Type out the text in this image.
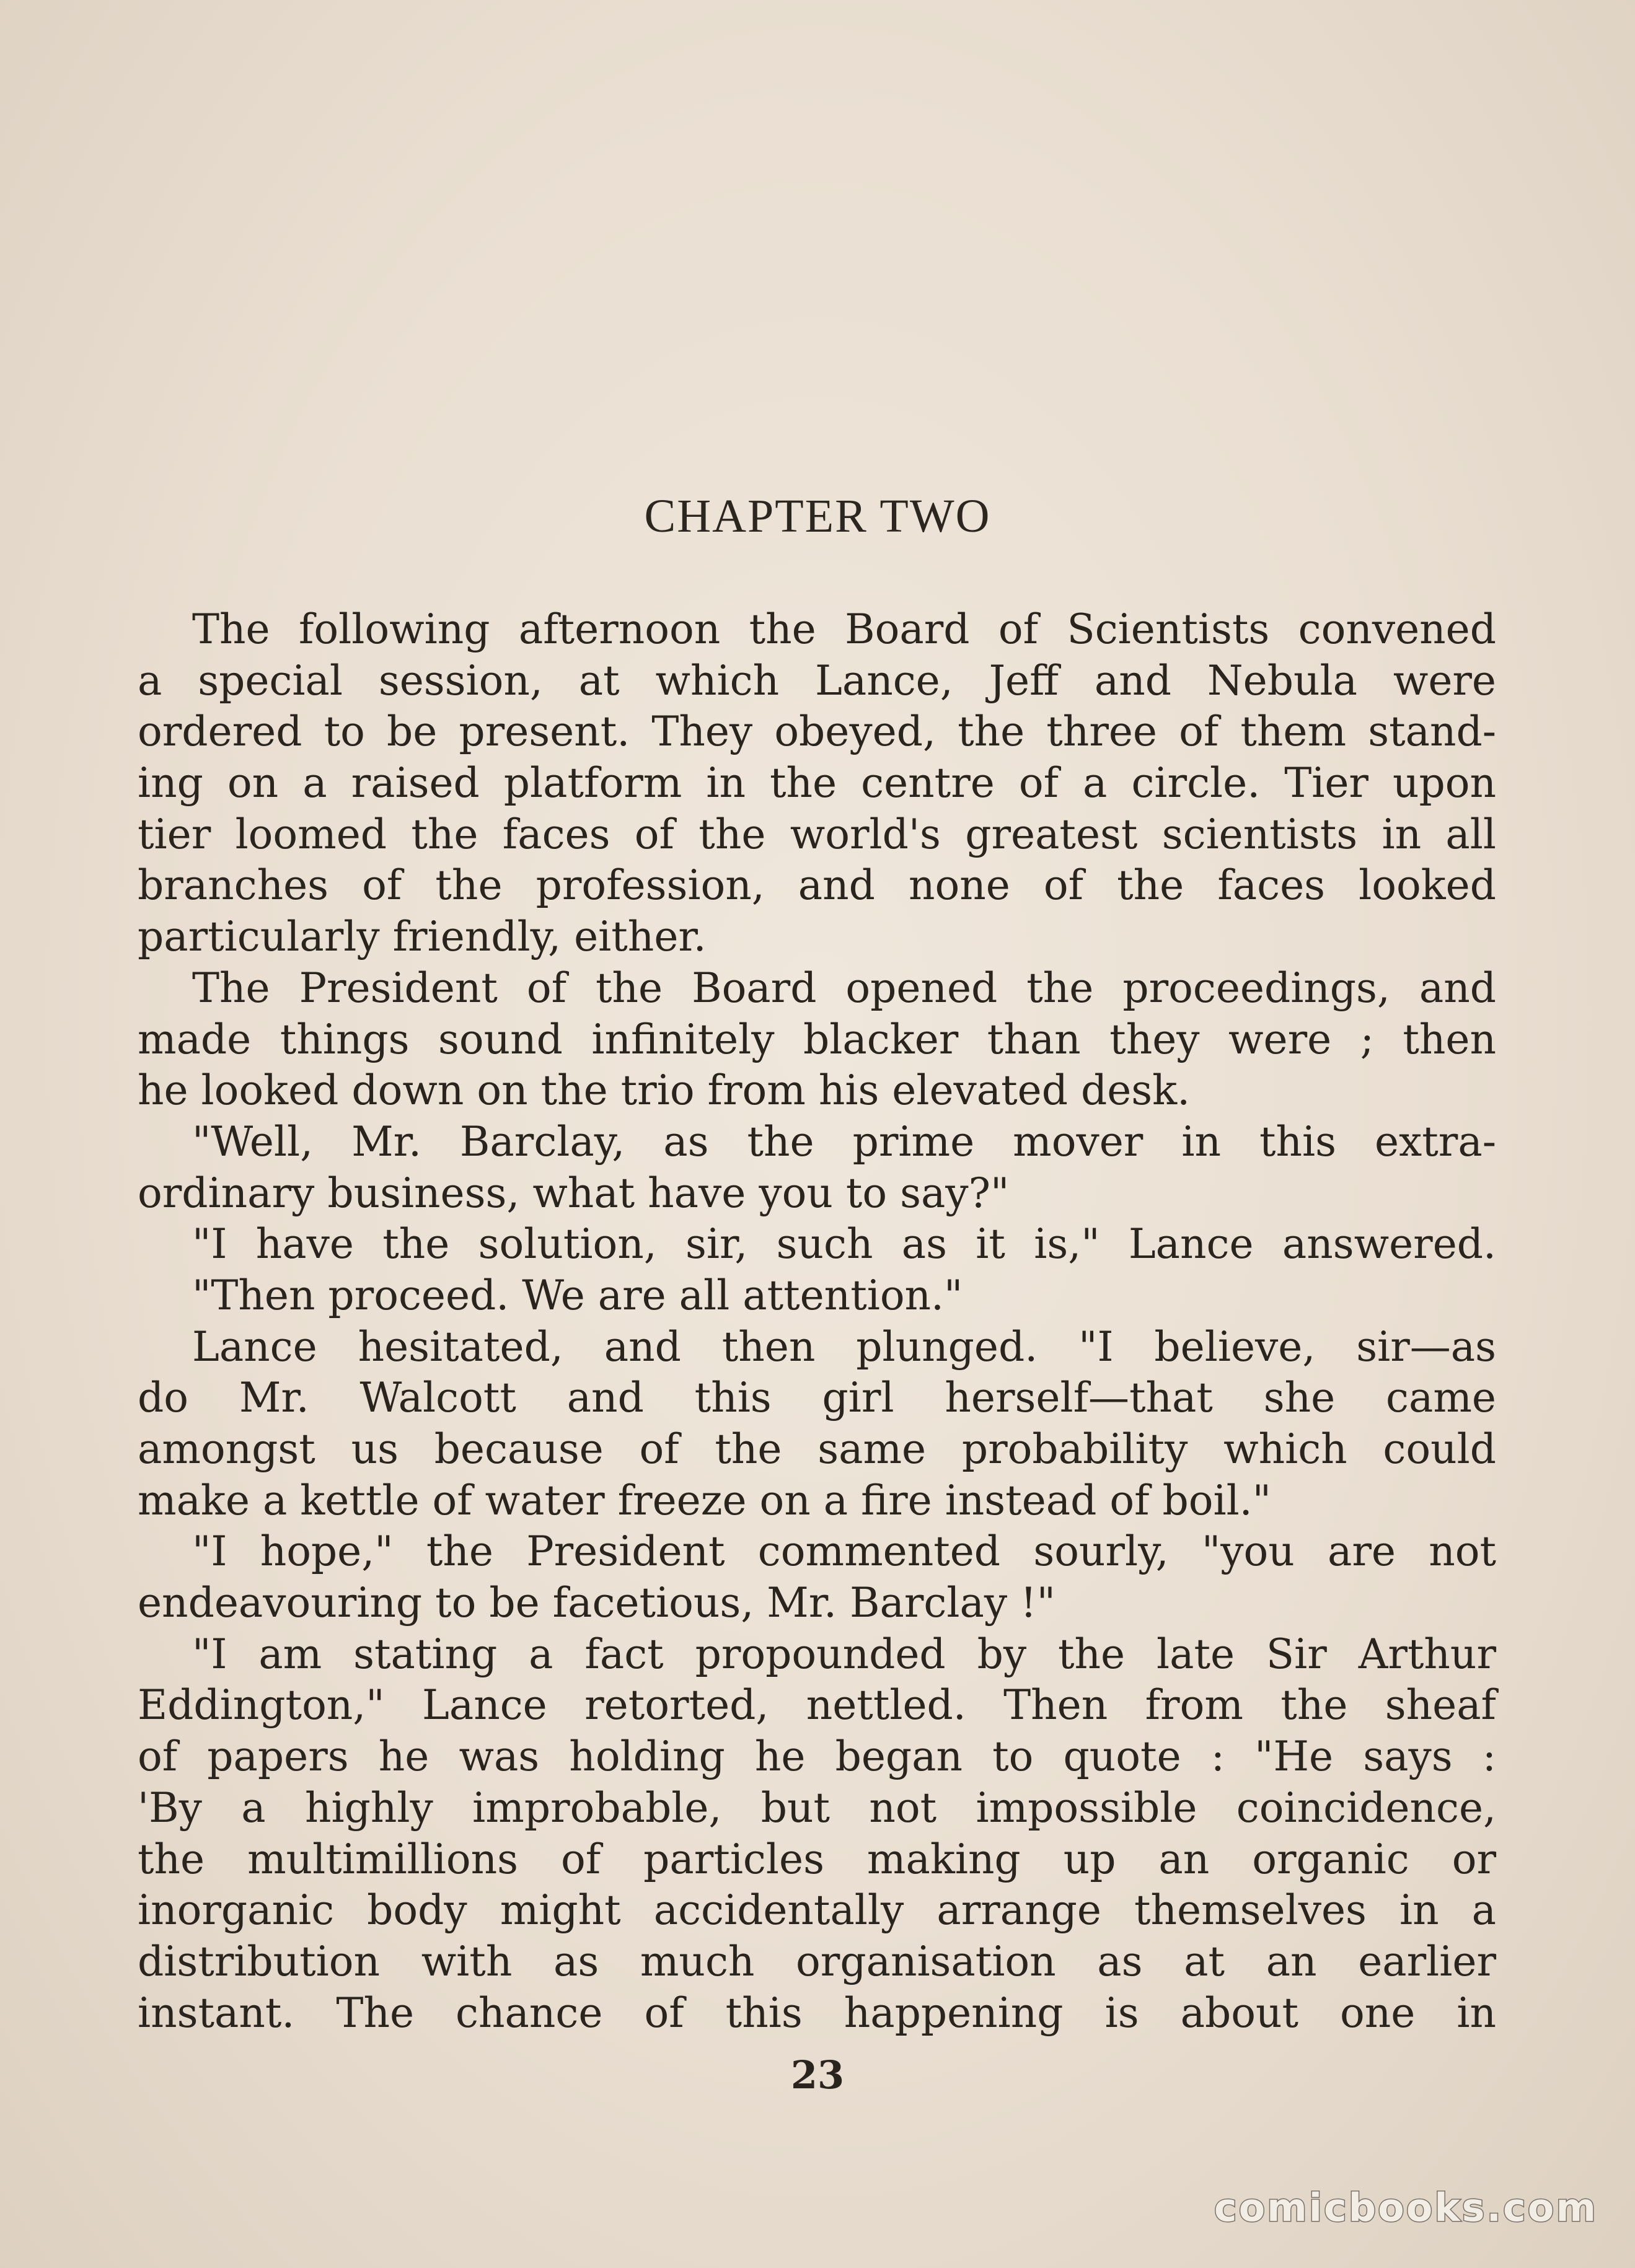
CHAPTER TWO
The following afternoon the Board of Scientists convened
a special session, at which Lance, Jeff and Nebula were
ordered to be present. They obeyed, the three of them stand-
ing on a raised platform in the centre of a circle. Tier upon
tier loomed the faces of the world's greatest scientists in all
branches of the profession, and none of the faces looked
particularly friendly, either.
The President of the Board opened the proceedings, and
made things sound infinitely blacker than they were ; then
he looked down on the trio from his elevated desk.
"Well, Mr. Barclay, as the prime mover in this extra-
ordinary business, what have you to say?"
"I have the solution, sir, such as it is," Lance answered.
"Then proceed. We are all attention."
Lance hesitated, and then plunged. "I believe, sir—as
do Mr. Walcott and this girl herself—that she came
amongst us because of the same probability which could
make a kettle of water freeze on a fire instead of boil."
"I hope," the President commented sourly, "you are not
endeavouring to be facetious, Mr. Barclay !"
"I am stating a fact propounded by the late Sir Arthur
Eddington," Lance retorted, nettled. Then from the sheaf
of papers he was holding he began to quote : "He says :
'By a highly improbable, but not impossible coincidence,
the multimillions of particles making up an organic or
inorganic body might accidentally arrange themselves in a
distribution with as much organisation as at an earlier
instant. The chance of this happening is about one in
23
comicbooks.com
